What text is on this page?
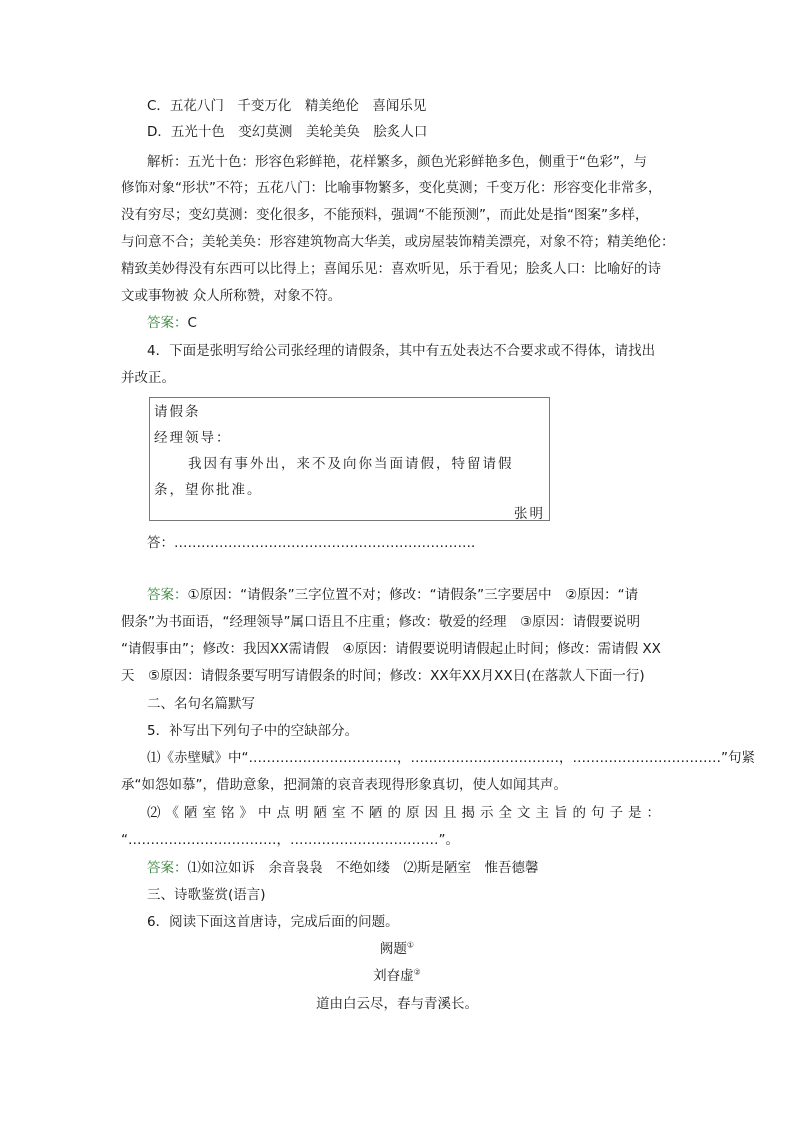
C．五花八门　千变万化　精美绝伦　喜闻乐见
D．五光十色　变幻莫测　美轮美奂　脍炙人口
解析：五光十色：形容色彩鲜艳，花样繁多，颜色光彩鲜艳多色，侧重于“色彩”，与
修饰对象“形状”不符；五花八门：比喻事物繁多，变化莫测；千变万化：形容变化非常多，
没有穷尽；变幻莫测：变化很多，不能预料，强调“不能预测”，而此处是指“图案”多样，
与问意不合；美轮美奂：形容建筑物高大华美，或房屋装饰精美漂亮，对象不符；精美绝伦：
精致美妙得没有东西可以比得上；喜闻乐见：喜欢听见，乐于看见；脍炙人口：比喻好的诗
文或事物被 众人所称赞，对象不符。
答案：C
4．下面是张明写给公司张经理的请假条，其中有五处表达不合要求或不得体，请找出
并改正。
请假条
经理领导：
我因有事外出，来不及向你当面请假，特留请假
条，望你批准。
张明
答：…………………………………………………………．
答案：①原因：“请假条”三字位置不对；修改：“请假条”三字要居中　②原因：“请
假条”为书面语，“经理领导”属口语且不庄重；修改：敬爱的经理　③原因：请假要说明
“请假事由”；修改：我因XX需请假　④原因：请假要说明请假起止时间；修改：需请假 XX
天　⑤原因：请假条要写明写请假条的时间；修改：XX年XX月XX日(在落款人下面一行)
二、名句名篇默写
5．补写出下列句子中的空缺部分。
⑴《赤壁赋》中“……………………………，……………………………，……………………………”句紧
承“如怨如慕”，借助意象，把洞箫的哀音表现得形象真切，使人如闻其声。
⑵《陋室铭》中点明陋室不陋的原因且揭示全文主旨的句子是：
“……………………………，……………………………”。
答案：⑴如泣如诉　余音袅袅　不绝如缕　⑵斯是陋室　惟吾德馨
三、诗歌鉴赏(语言)
6．阅读下面这首唐诗，完成后面的问题。
阙题①
刘昚虚②
道由白云尽，春与青溪长。
